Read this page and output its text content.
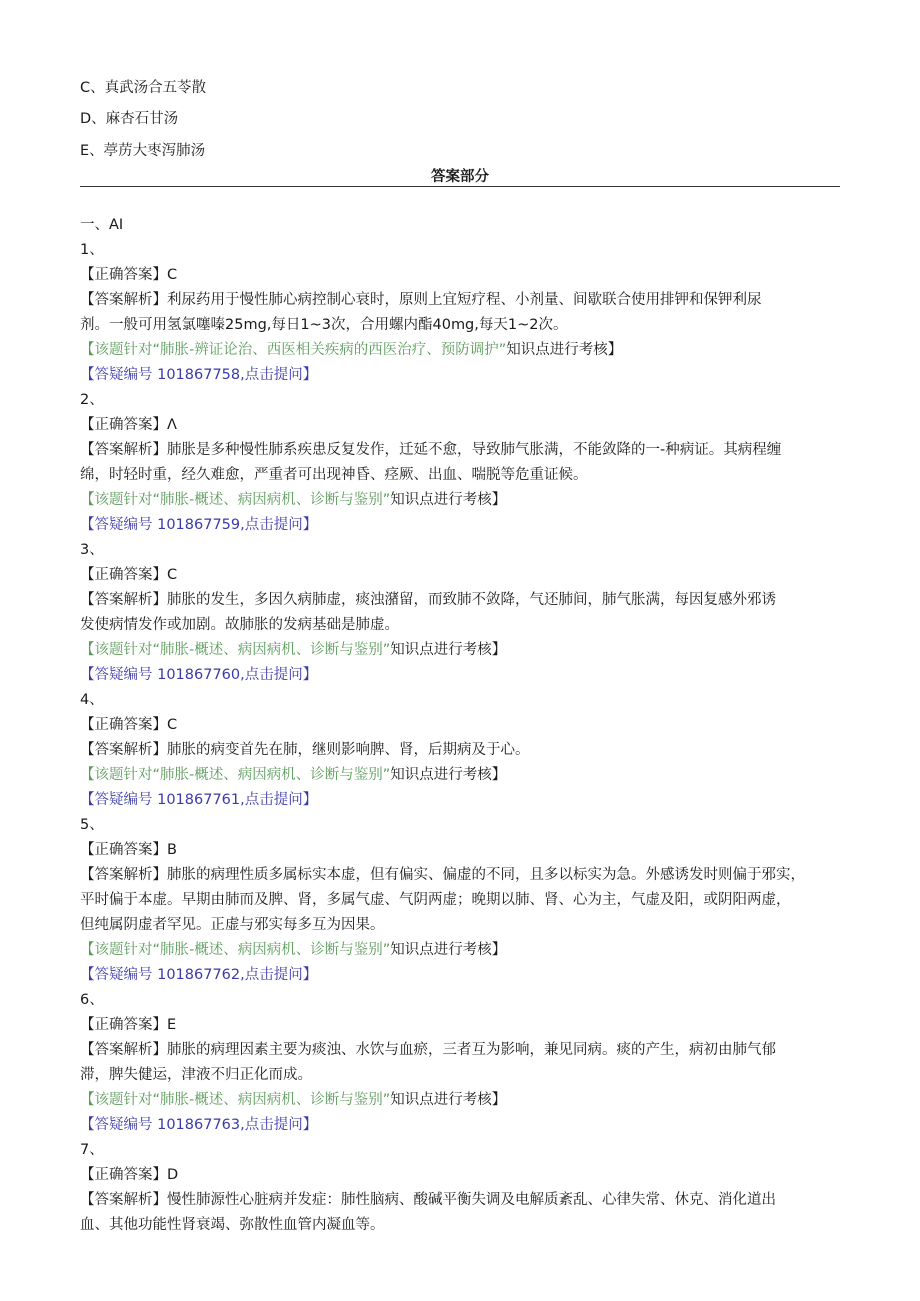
C、真武汤合五苓散
D、麻杏石甘汤
E、葶苈大枣泻肺汤
答案部分
一、AI
1、
【正确答案】C
【答案解析】利尿药用于慢性肺心病控制心衰时，原则上宜短疗程、小剂量、间歇联合使用排钾和保钾利尿
剂。一般可用氢氯噻嗪25mg,每日1~3次，合用螺内酯40mg,每天1~2次。
【该题针对“肺胀-辨证论治、西医相关疾病的西医治疗、预防调护”知识点进行考核】
【答疑编号 101867758,点击提问】
2、
【正确答案】Λ
【答案解析】肺胀是多种慢性肺系疾患反复发作，迁延不愈，导致肺气胀满，不能敛降的一-种病证。其病程缠
绵，时轻时重，经久难愈，严重者可出现神昏、痉厥、出血、喘脱等危重证候。
【该题针对“肺胀-概述、病因病机、诊断与鉴别”知识点进行考核】
【答疑编号 101867759,点击提问】
3、
【正确答案】C
【答案解析】肺胀的发生，多因久病肺虚，痰浊潴留，而致肺不敛降，气还肺间，肺气胀满，每因复感外邪诱
发使病情发作或加剧。故肺胀的发病基础是肺虚。
【该题针对“肺胀-概述、病因病机、诊断与鉴别”知识点进行考核】
【答疑编号 101867760,点击提问】
4、
【正确答案】C
【答案解析】肺胀的病变首先在肺，继则影响脾、肾，后期病及于心。
【该题针对“肺胀-概述、病因病机、诊断与鉴别”知识点进行考核】
【答疑编号 101867761,点击提问】
5、
【正确答案】B
【答案解析】肺胀的病理性质多属标实本虚，但有偏实、偏虚的不同，且多以标实为急。外感诱发时则偏于邪实，
平时偏于本虚。早期由肺而及脾、肾，多属气虚、气阴两虚；晚期以肺、肾、心为主，气虚及阳，或阴阳两虚，
但纯属阴虚者罕见。正虚与邪实每多互为因果。
【该题针对“肺胀-概述、病因病机、诊断与鉴别”知识点进行考核】
【答疑编号 101867762,点击提问】
6、
【正确答案】E
【答案解析】肺胀的病理因素主要为痰浊、水饮与血瘀，三者互为影响，兼见同病。痰的产生，病初由肺气郁
滞，脾失健运，津液不归正化而成。
【该题针对“肺胀-概述、病因病机、诊断与鉴别”知识点进行考核】
【答疑编号 101867763,点击提问】
7、
【正确答案】D
【答案解析】慢性肺源性心脏病并发症：肺性脑病、酸碱平衡失调及电解质紊乱、心律失常、休克、消化道出
血、其他功能性肾衰竭、弥散性血管内凝血等。
